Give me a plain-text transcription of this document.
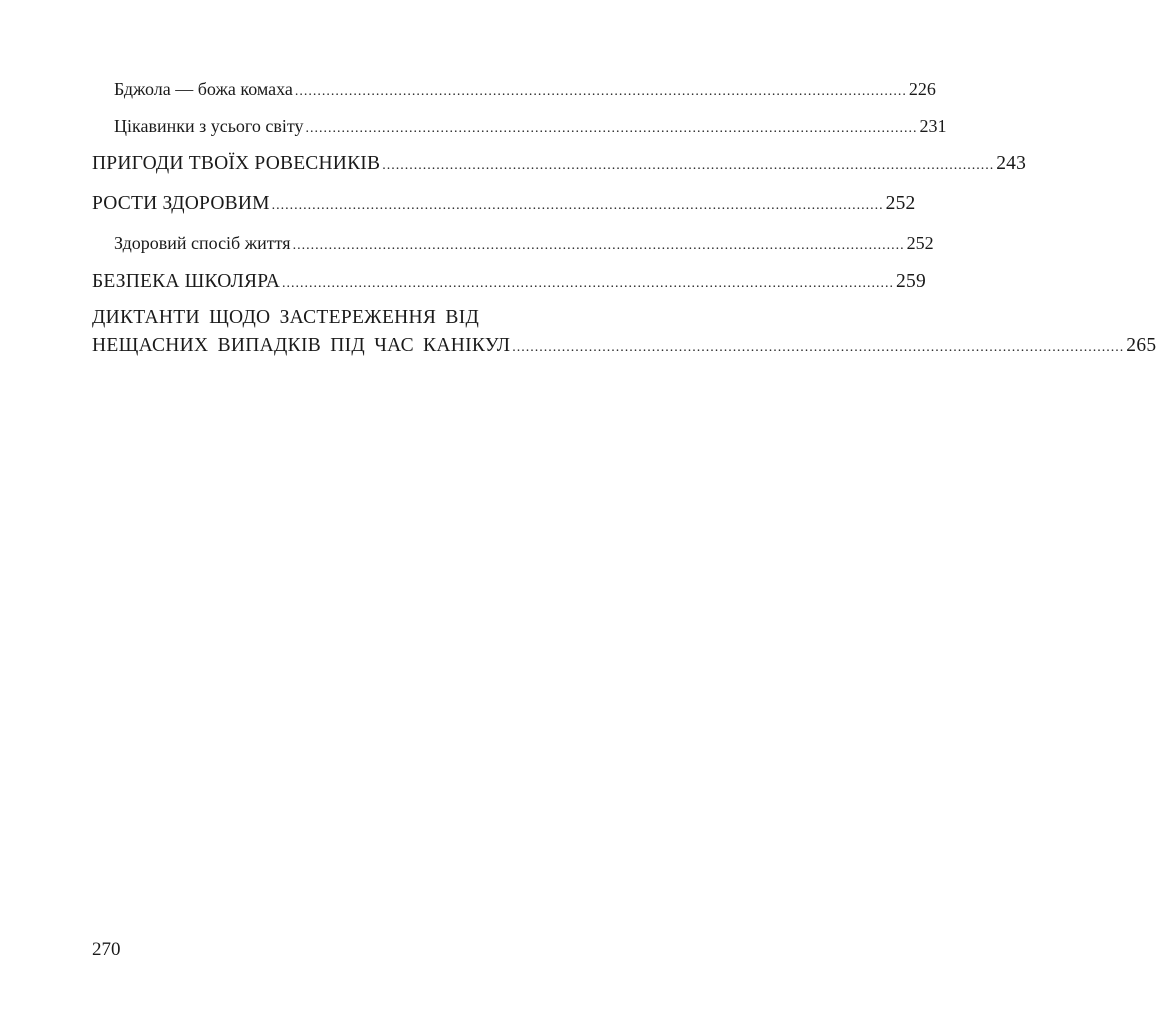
Бджола — божа комаха ........................................................................................................................................ 226
Цікавинки з усього світу ........................................................................................................................................ 231
ПРИГОДИ ТВОЇХ РОВЕСНИКІВ ........................................................................................................................................ 243
РОСТИ ЗДОРОВИМ ........................................................................................................................................ 252
Здоровий спосіб життя ........................................................................................................................................ 252
БЕЗПЕКА ШКОЛЯРА ........................................................................................................................................ 259
ДИКТАНТИ ЩОДО ЗАСТЕРЕЖЕННЯ ВІД
НЕЩАСНИХ ВИПАДКІВ ПІД ЧАС КАНІКУЛ ........................................................................................................................................ 265
270
